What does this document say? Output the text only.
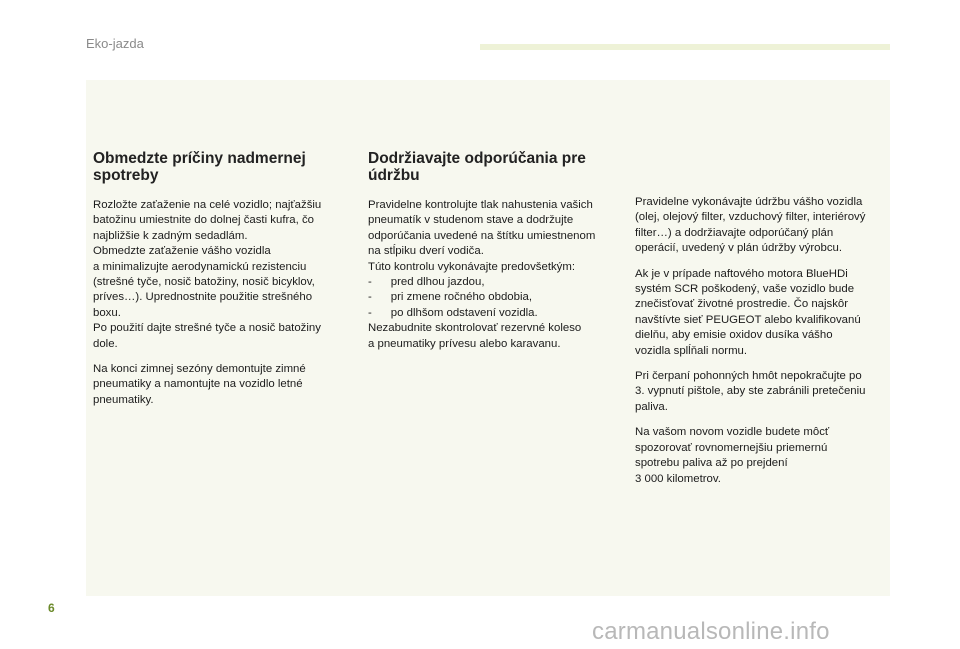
Eko-jazda
Obmedzte príčiny nadmernej spotreby

Rozložte zaťaženie na celé vozidlo; najťažšiu
batožinu umiestnite do dolnej časti kufra, čo
najbližšie k zadným sedadlám.
Obmedzte zaťaženie vášho vozidla
a minimalizujte aerodynamickú rezistenciu
(strešné tyče, nosič batožiny, nosič bicyklov,
príves…). Uprednostnite použitie strešného
boxu.
Po použití dajte strešné tyče a nosič batožiny
dole.

Na konci zimnej sezóny demontujte zimné
pneumatiky a namontujte na vozidlo letné
pneumatiky.

Dodržiavajte odporúčania pre údržbu

Pravidelne kontrolujte tlak nahustenia vašich
pneumatík v studenom stave a dodržujte
odporúčania uvedené na štítku umiestnenom
na stĺpiku dverí vodiča.
Túto kontrolu vykonávajte predovšetkým:
-      pred dlhou jazdou,
-      pri zmene ročného obdobia,
-      po dlhšom odstavení vozidla.
Nezabudnite skontrolovať rezervné koleso
a pneumatiky prívesu alebo karavanu.

Pravidelne vykonávajte údržbu vášho vozidla
(olej, olejový filter, vzduchový filter, interiérový
filter…) a dodržiavajte odporúčaný plán
operácií, uvedený v plán údržby výrobcu.

Ak je v prípade naftového motora BlueHDi
systém SCR poškodený, vaše vozidlo bude
znečisťovať životné prostredie. Čo najskôr
navštívte sieť PEUGEOT alebo kvalifikovanú
dielňu, aby emisie oxidov dusíka vášho
vozidla splĺňali normu.

Pri čerpaní pohonných hmôt nepokračujte po
3. vypnutí pištole, aby ste zabránili pretečeniu
paliva.

Na vašom novom vozidle budete môcť
spozorovať rovnomernejšiu priemernú
spotrebu paliva až po prejdení
3 000 kilometrov.

6
carmanualsonline.info
